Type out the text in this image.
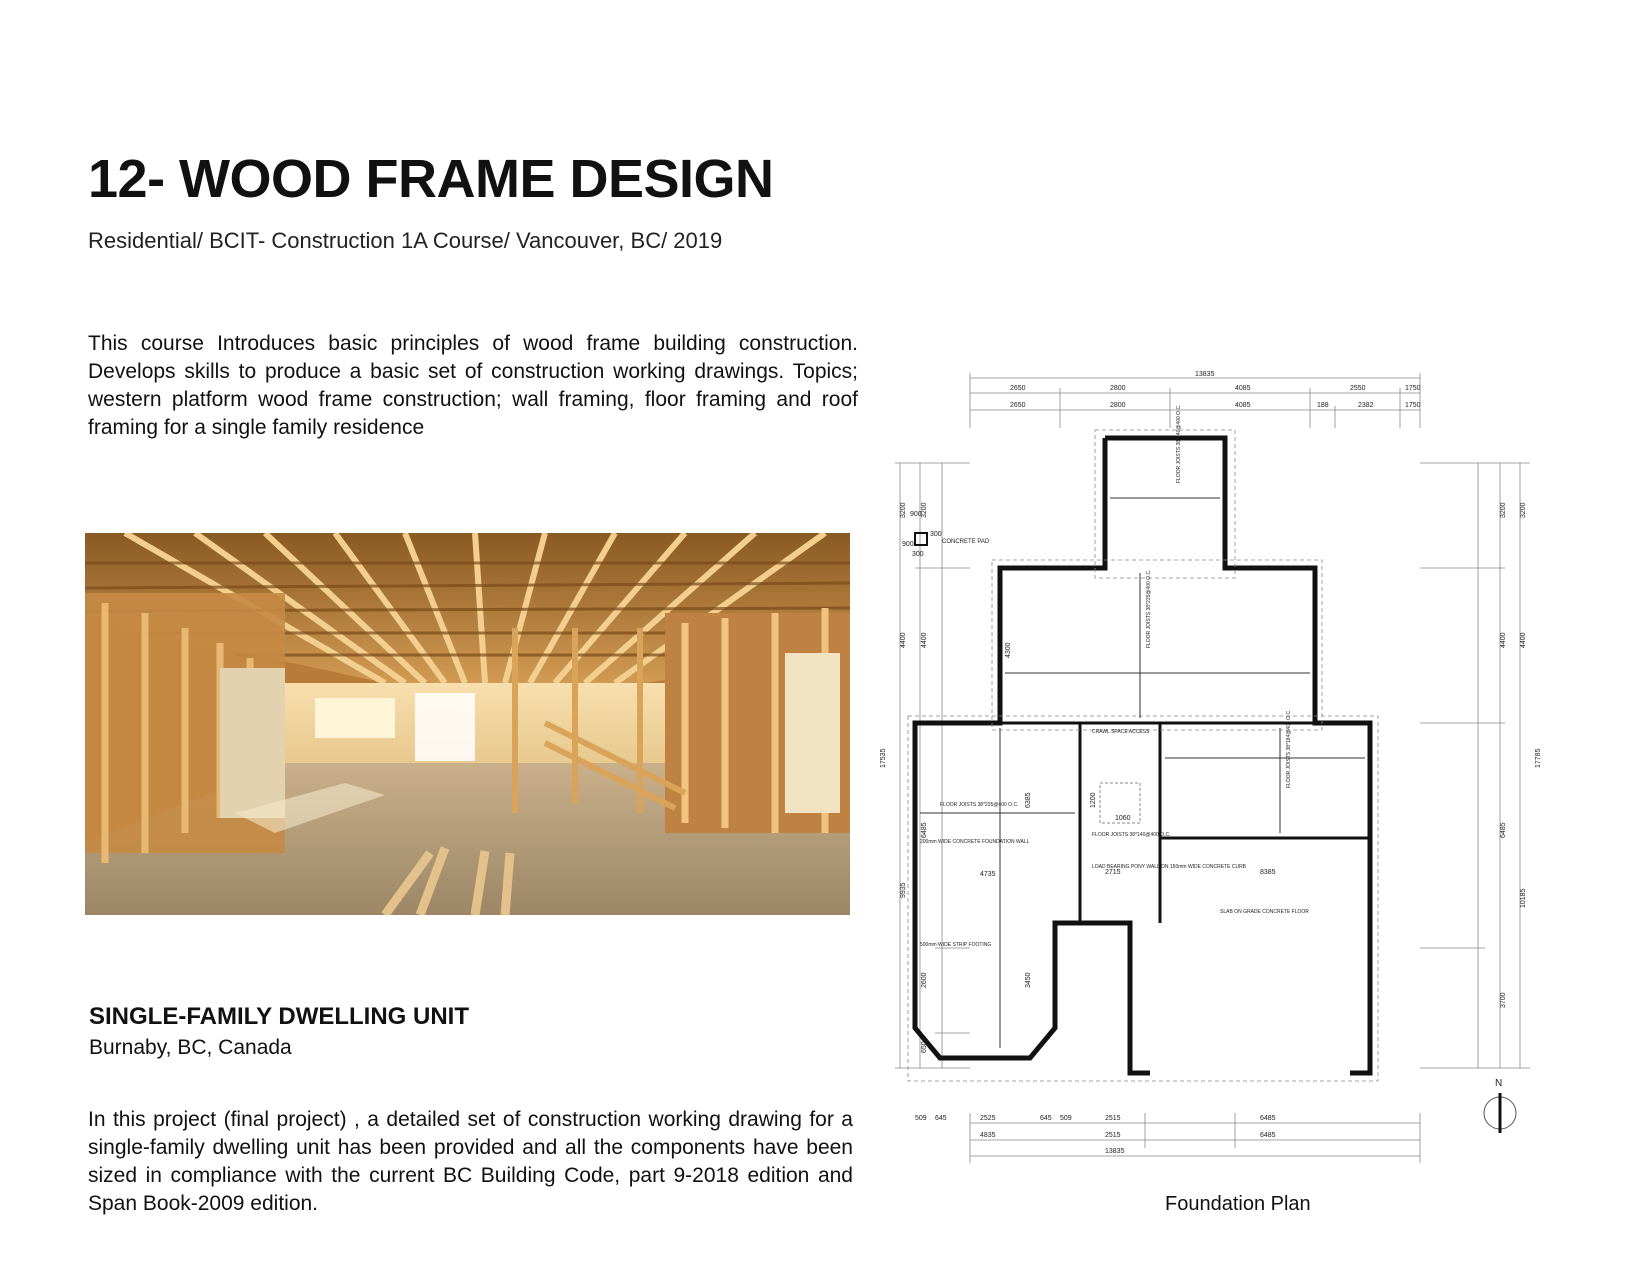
12- WOOD FRAME DESIGN
Residential/ BCIT- Construction 1A Course/ Vancouver, BC/ 2019

This course Introduces basic principles of wood frame building construction. Develops skills to produce a basic set of construction working drawings. Topics; western platform wood frame construction; wall framing, floor framing and roof framing for a single family residence

SINGLE-FAMILY DWELLING UNIT
Burnaby, BC, Canada

In this project (final project) , a detailed set of construction working drawing for a single-family dwelling unit has been provided and all the components have been sized in compliance with the current BC Building Code, part 9-2018 edition and Span Book-2009 edition.

13835
2650	2800	4085	2550	1750
2650	2800	4085	188	2382	1750
509 645	2525	645 509	2515	6485
4835	2515	6485
13835
17535
3200
4400
9935
3200
4400
6485
2600
650
17785
3200
4400
10185
3200
4400
6485
3700
900
900
300
300
CONCRETE PAD
CRAWL SPACE ACCESS
FLOOR JOISTS 38*235@400 O.C.
FLOOR JOISTS 38*140@400 O.C.
200mm WIDE CONCRETE FOUNDATION WALL
500mm WIDE STRIP FOOTING
LOAD BEARING PONY WALL ON 150mm WIDE CONCRETE CURB
SLAB ON GRADE CONCRETE FLOOR
FLOOR JOISTS 38*140@400 O.C.
FLOOR JOISTS 38*235@400 O.C.
FLOOR JOISTS 38*184@400 O.C.
4735
6385
3450
2715	8385
1200
1060
4300
N
Foundation Plan
